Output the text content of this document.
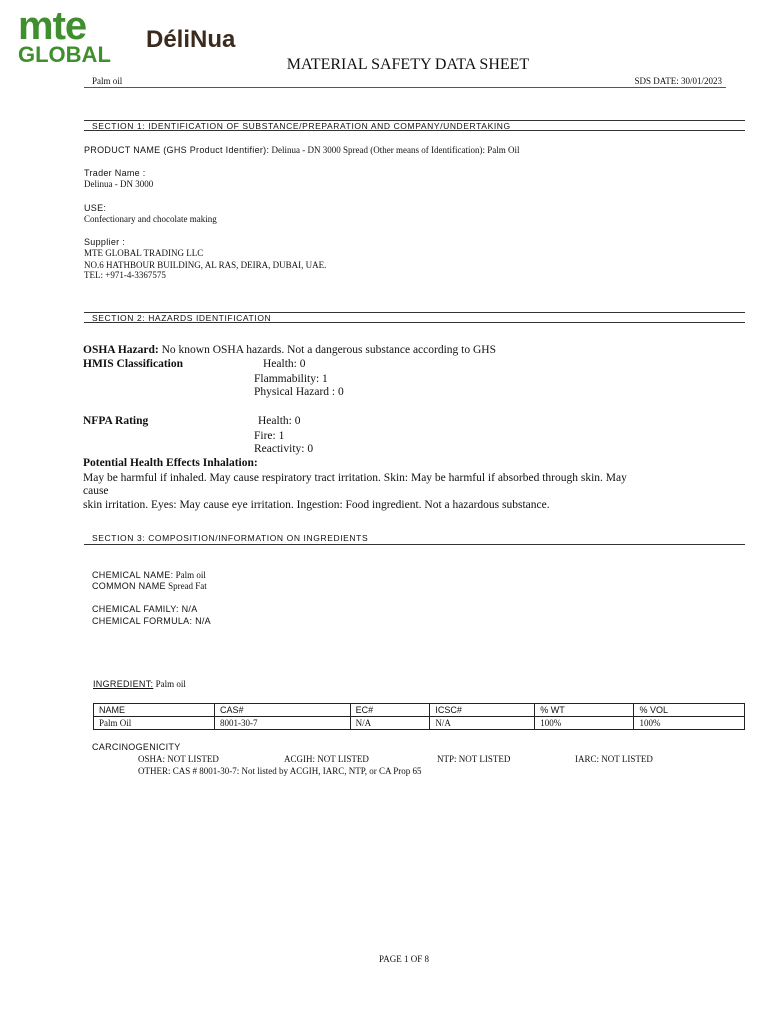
mte
GLOBAL
DéliNua
MATERIAL SAFETY DATA SHEET
Palm oil	SDS DATE: 30/01/2023
SECTION 1: IDENTIFICATION OF SUBSTANCE/PREPARATION AND COMPANY/UNDERTAKING
PRODUCT NAME (GHS Product Identifier): Delinua - DN 3000 Spread (Other means of Identification): Palm Oil
Trader Name :
Delinua - DN 3000
USE:
Confectionary and chocolate making
Supplier :
MTE GLOBAL TRADING LLC
NO.6 HATHBOUR BUILDING, AL RAS, DEIRA, DUBAI, UAE.
TEL: +971-4-3367575
SECTION 2: HAZARDS IDENTIFICATION
OSHA Hazard: No known OSHA hazards. Not a dangerous substance according to GHS
HMIS Classification	Health: 0
Flammability: 1
Physical Hazard : 0
NFPA Rating	Health: 0
Fire: 1
Reactivity: 0
Potential Health Effects Inhalation:
May be harmful if inhaled. May cause respiratory tract irritation. Skin: May be harmful if absorbed through skin. May
cause
skin irritation. Eyes: May cause eye irritation. Ingestion: Food ingredient. Not a hazardous substance.
SECTION 3: COMPOSITION/INFORMATION ON INGREDIENTS
CHEMICAL NAME: Palm oil
COMMON NAME Spread Fat
CHEMICAL FAMILY: N/A
CHEMICAL FORMULA: N/A
INGREDIENT: Palm oil
NAME	CAS#	EC#	ICSC#	% WT	% VOL
Palm Oil	8001-30-7	N/A	N/A	100%	100%
CARCINOGENICITY
OSHA: NOT LISTED	ACGIH: NOT LISTED	NTP: NOT LISTED	IARC: NOT LISTED
OTHER: CAS # 8001-30-7: Not listed by ACGIH, IARC, NTP, or CA Prop 65
PAGE 1 OF 8
